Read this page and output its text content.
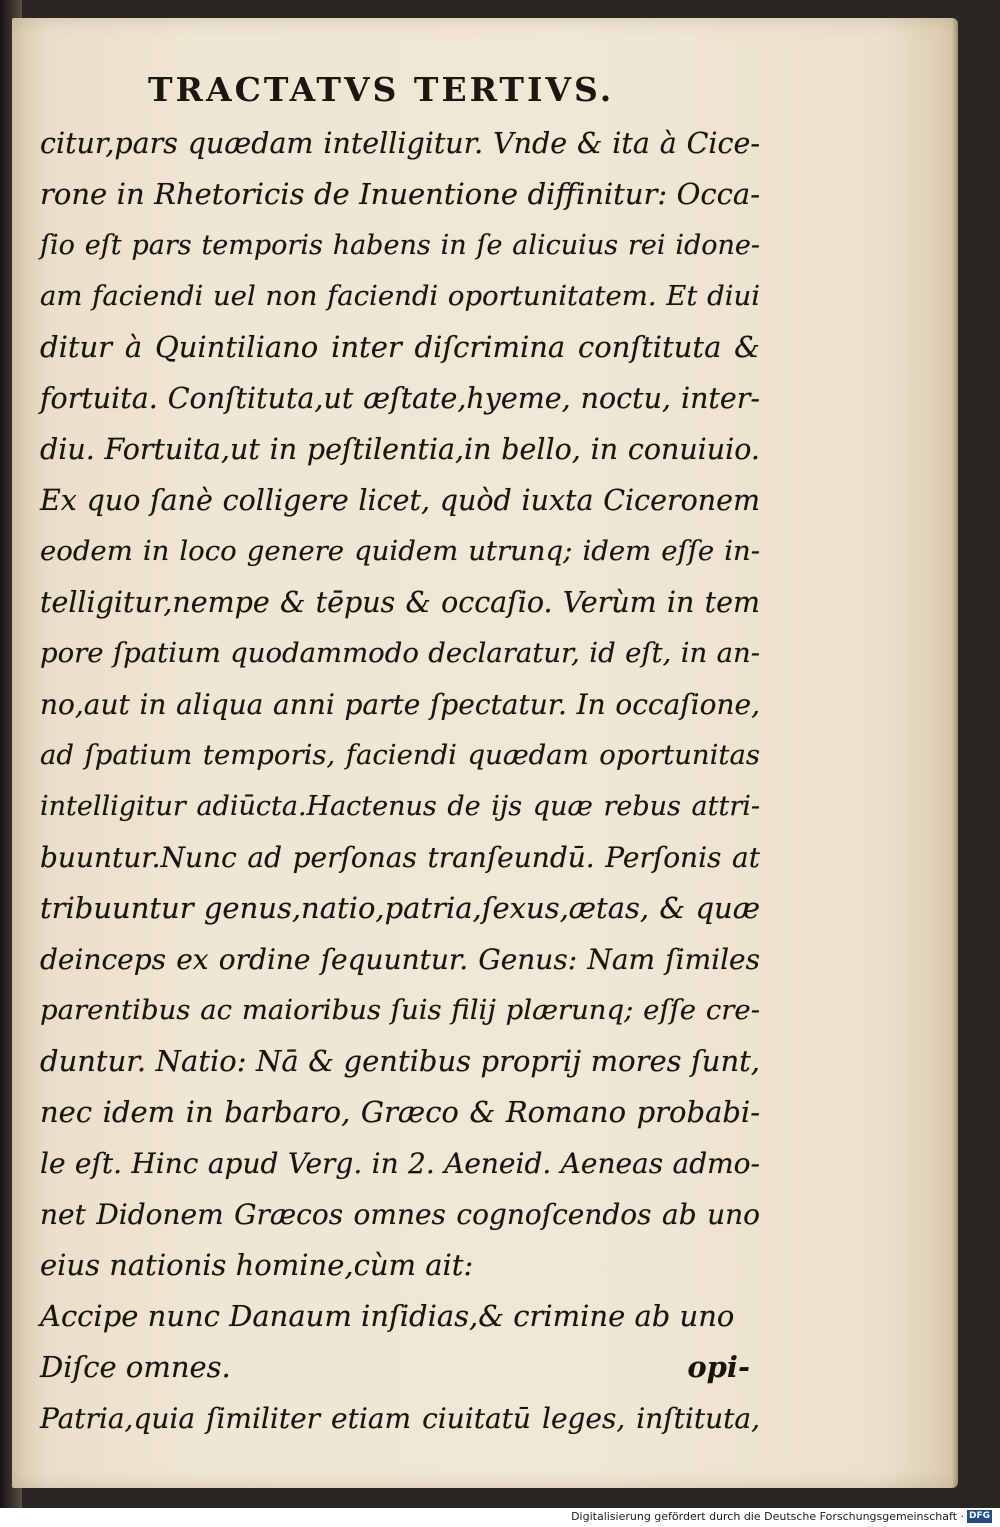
TRACTATVS TERTIVS.
citur,pars quædam intelligitur. Vnde & ita à Cice-
rone in Rhetoricis de Inuentione diffinitur: Occa-
ſio eſt pars temporis habens in ſe alicuius rei idone-
am faciendi uel non faciendi oportunitatem. Et diui
ditur à Quintiliano inter diſcrimina conſtituta &
fortuita. Conſtituta,ut æſtate,hyeme, noctu, inter-
diu. Fortuita,ut in peſtilentia,in bello, in conuiuio.
Ex quo ſanè colligere licet, quòd iuxta Ciceronem
eodem in loco genere quidem utrunq; idem eſſe in-
telligitur,nempe & tēpus & occaſio. Verùm in tem
pore ſpatium quodammodo declaratur, id eſt, in an-
no,aut in aliqua anni parte ſpectatur. In occaſione,
ad ſpatium temporis, faciendi quædam oportunitas
intelligitur adiūcta.Hactenus de ijs quæ rebus attri-
buuntur.Nunc ad perſonas tranſeundū. Perſonis at
tribuuntur genus,natio,patria,ſexus,ætas, & quæ
deinceps ex ordine ſequuntur. Genus: Nam ſimiles
parentibus ac maioribus ſuis filij plærunq; eſſe cre-
duntur. Natio: Nā & gentibus proprij mores ſunt,
nec idem in barbaro, Græco & Romano probabi-
le eſt. Hinc apud Verg. in 2. Aeneid. Aeneas admo-
net Didonem Græcos omnes cognoſcendos ab uno
eius nationis homine,cùm ait:
Accipe nunc Danaum inſidias,& crimine ab uno
Diſce omnes.
Patria,quia ſimiliter etiam ciuitatū leges, inſtituta,
opi-
Digitalisierung gefördert durch die Deutsche Forschungsgemeinschaft · DFG
